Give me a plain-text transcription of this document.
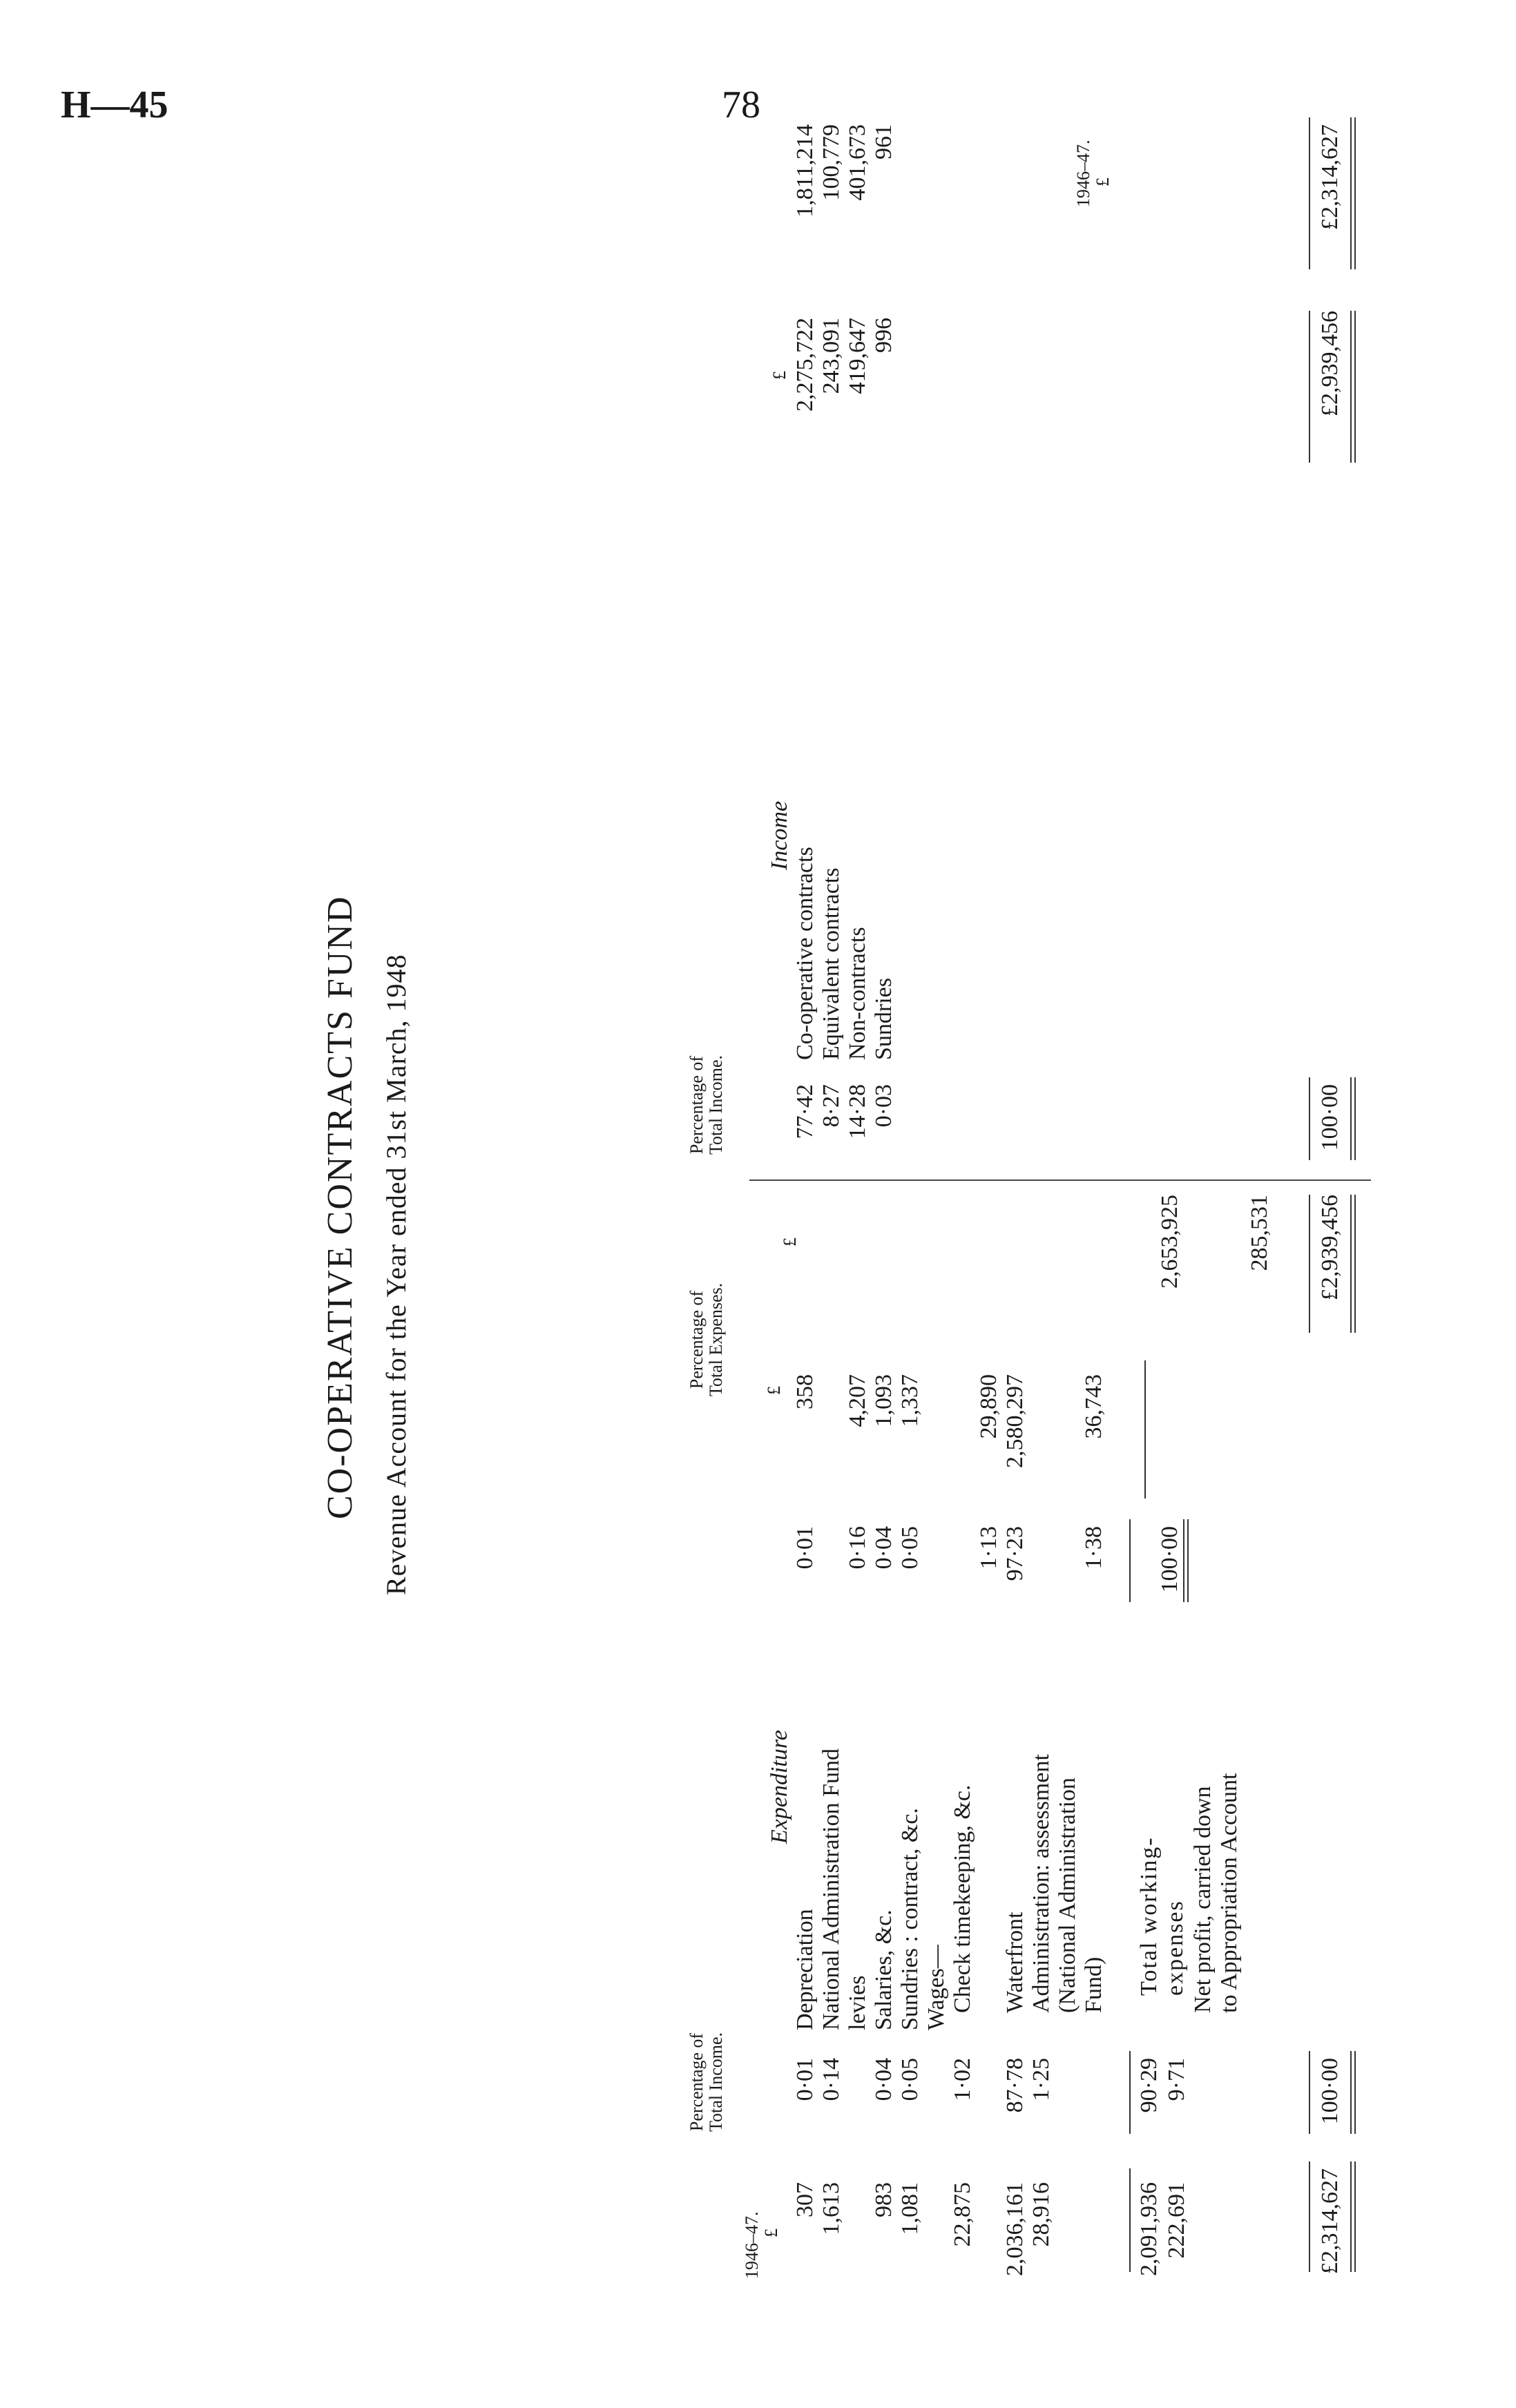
H—45	78
CO-OPERATIVE CONTRACTS FUND Revenue Account for the Year ended 31st March, 1948
1946–47. £
Percentage of Total Income.
Expenditure
Percentage of Total Expenses. £
£
307
0·01
Depreciation
0·01
358
1,613
0·14
National Administration Fund levies
0·16
4,207
983
0·04
Salaries, &c.
0·04
1,093
1,081
0·05
Sundries : contract, &c.
0·05
1,337
Wages—
22,875
1·02
Check timekeeping, &c.
1·13
29,890
2,036,161
87·78
Waterfront
97·23
2,580,297
28,916
1·25
Administration: assessment (National Administration Fund)
1·38
36,743
2,091,936
90·29
Total working-expenses
100·00
2,653,925
222,691
9·71
Net profit, carried down to Appropriation Account
285,531
£2,314,627
100·00
£2,939,456
Percentage of Total Income.
Income
£
77·42
Co-operative contracts
2,275,722
8·27
Equivalent contracts
243,091
14·28
Non-contracts
419,647
0·03
Sundries
996
100·00
£2,939,456
1946–47. £
1,811,214 100,779 401,673 961	£2,314,627
